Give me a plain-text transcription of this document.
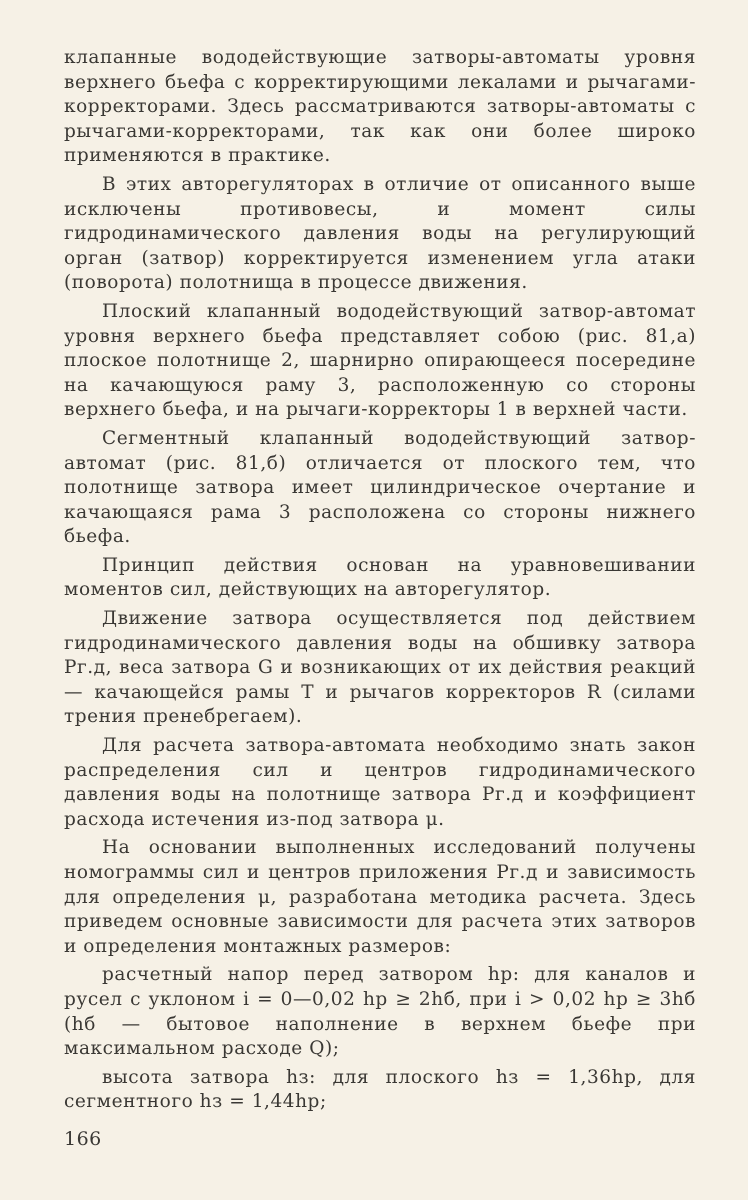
клапанные вододействующие затворы-автоматы уровня верхнего бьефа с корректирующими лекалами и рычагами-корректорами. Здесь рассматриваются затворы-автоматы с рычагами-корректорами, так как они более широко применяются в практике.

В этих авторегуляторах в отличие от описанного выше исключены противовесы, и момент силы гидродинамического давления воды на регулирующий орган (затвор) корректируется изменением угла атаки (поворота) полотнища в процессе движения.

Плоский клапанный вододействующий затвор-автомат уровня верхнего бьефа представляет собою (рис. 81,а) плоское полотнище 2, шарнирно опирающееся посередине на качающуюся раму 3, расположенную со стороны верхнего бьефа, и на рычаги-корректоры 1 в верхней части.

Сегментный клапанный вододействующий затвор-автомат (рис. 81,б) отличается от плоского тем, что полотнище затвора имеет цилиндрическое очертание и качающаяся рама 3 расположена со стороны нижнего бьефа.

Принцип действия основан на уравновешивании моментов сил, действующих на авторегулятор.

Движение затвора осуществляется под действием гидродинамического давления воды на обшивку затвора Pг.д, веса затвора G и возникающих от их действия реакций — качающейся рамы T и рычагов корректоров R (силами трения пренебрегаем).

Для расчета затвора-автомата необходимо знать закон распределения сил и центров гидродинамического давления воды на полотнище затвора Pг.д и коэффициент расхода истечения из-под затвора μ.

На основании выполненных исследований получены номограммы сил и центров приложения Pг.д и зависимость для определения μ, разработана методика расчета. Здесь приведем основные зависимости для расчета этих затворов и определения монтажных размеров:

расчетный напор перед затвором hр: для каналов и русел с уклоном i = 0—0,02 hр ≥ 2hб, при i > 0,02 hр ≥ 3hб (hб — бытовое наполнение в верхнем бьефе при максимальном расходе Q);

высота затвора hз: для плоского hз = 1,36hр, для сегментного hз = 1,44hр;

166
